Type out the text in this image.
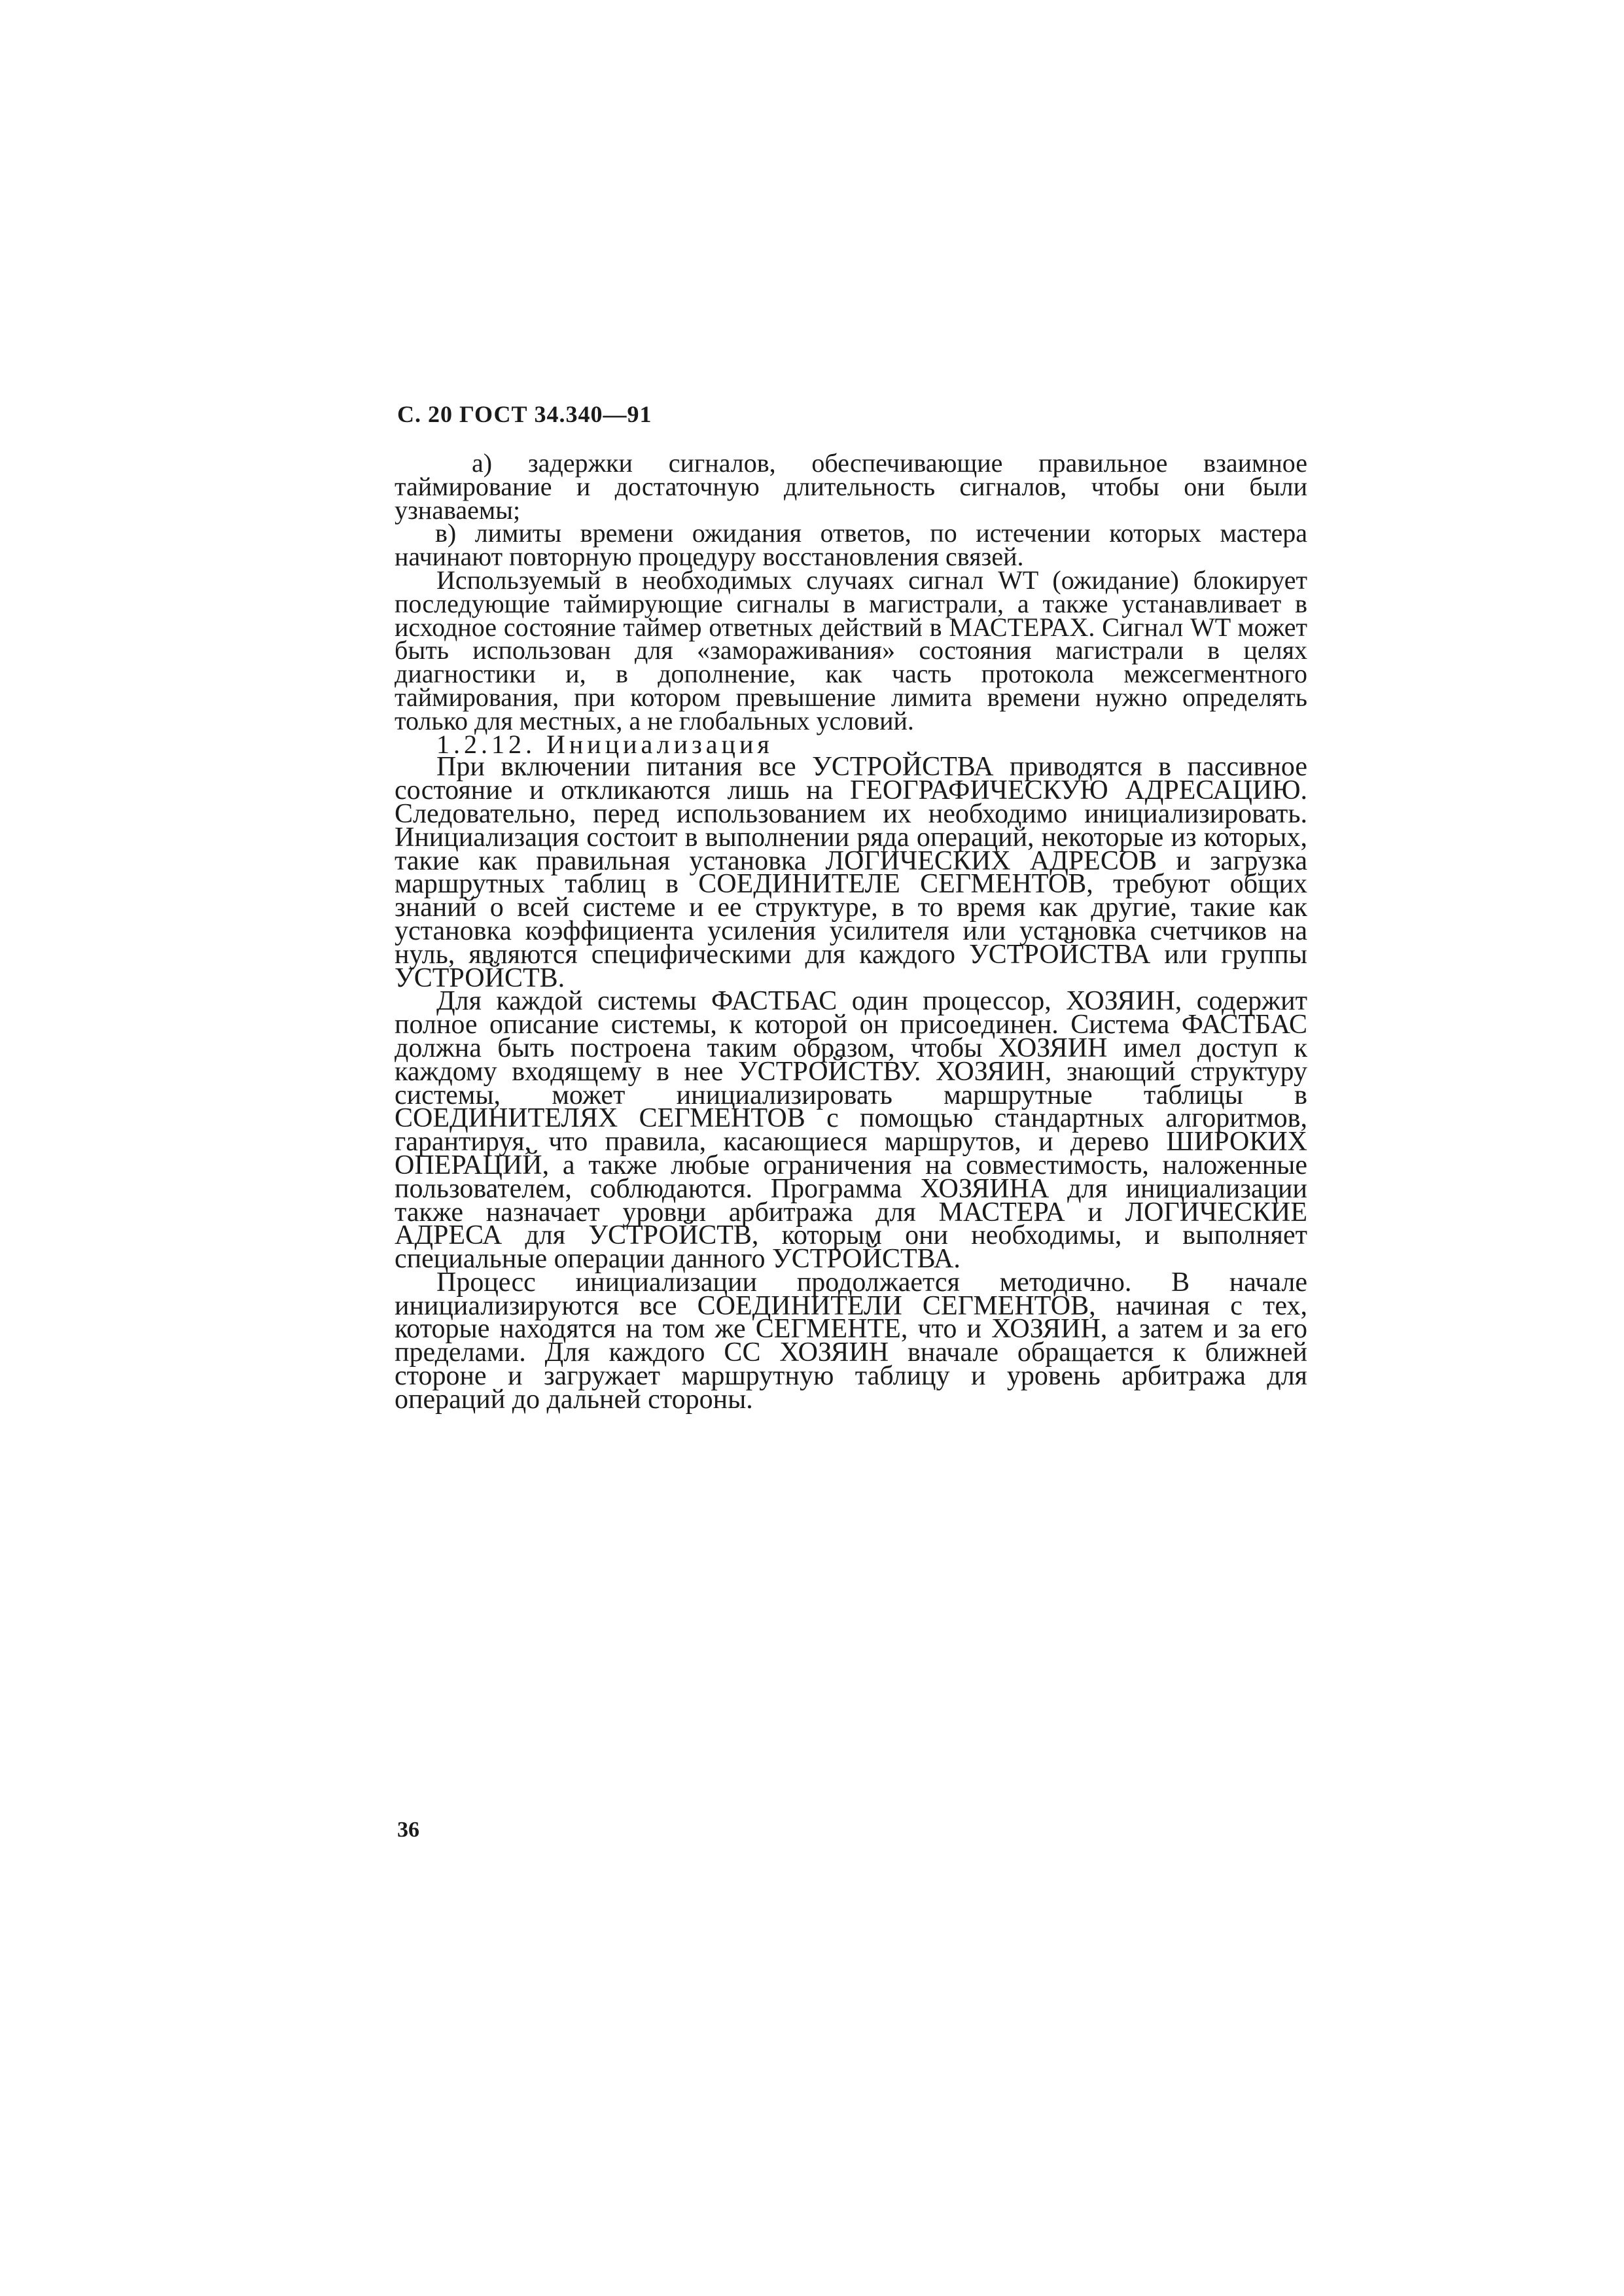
С. 20 ГОСТ 34.340—91

а) задержки сигналов, обеспечивающие правильное взаимное таймирование и достаточную длительность сигналов, чтобы они были узнаваемы;

в) лимиты времени ожидания ответов, по истечении которых мастера начинают повторную процедуру восстановления связей.

Используемый в необходимых случаях сигнал WT (ожидание) блокирует последующие таймирующие сигналы в магистрали, а также устанавливает в исходное состояние таймер ответных действий в МАСТЕРАХ. Сигнал WT может быть использован для «замораживания» состояния магистрали в целях диагностики и, в дополнение, как часть протокола межсегментного таймирования, при котором превышение лимита времени нужно определять только для местных, а не глобальных условий.

1.2.12. Инициализация

При включении питания все УСТРОЙСТВА приводятся в пассивное состояние и откликаются лишь на ГЕОГРАФИЧЕСКУЮ АДРЕСАЦИЮ. Следовательно, перед использованием их необходимо инициализировать. Инициализация состоит в выполнении ряда операций, некоторые из которых, такие как правильная установка ЛОГИЧЕСКИХ АДРЕСОВ и загрузка маршрутных таблиц в СОЕДИНИТЕЛЕ СЕГМЕНТОВ, требуют общих знаний о всей системе и ее структуре, в то время как другие, такие как установка коэффициента усиления усилителя или установка счетчиков на нуль, являются специфическими для каждого УСТРОЙСТВА или группы УСТРОЙСТВ.

Для каждой системы ФАСТБАС один процессор, ХОЗЯИН, содержит полное описание системы, к которой он присоединен. Система ФАСТБАС должна быть построена таким образом, чтобы ХОЗЯИН имел доступ к каждому входящему в нее УСТРОЙСТВУ. ХОЗЯИН, знающий структуру системы, может инициализировать маршрутные таблицы в СОЕДИНИТЕЛЯХ СЕГМЕНТОВ с помощью стандартных алгоритмов, гарантируя, что правила, касающиеся маршрутов, и дерево ШИРОКИХ ОПЕРАЦИЙ, а также любые ограничения на совместимость, наложенные пользователем, соблюдаются. Программа ХОЗЯИНА для инициализации также назначает уровни арбитража для МАСТЕРА и ЛОГИЧЕСКИЕ АДРЕСА для УСТРОЙСТВ, которым они необходимы, и выполняет специальные операции данного УСТРОЙСТВА.

Процесс инициализации продолжается методично. В начале инициализируются все СОЕДИНИТЕЛИ СЕГМЕНТОВ, начиная с тех, которые находятся на том же СЕГМЕНТЕ, что и ХОЗЯИН, а затем и за его пределами. Для каждого СС ХОЗЯИН вначале обращается к ближней стороне и загружает маршрутную таблицу и уровень арбитража для операций до дальней стороны.

36
